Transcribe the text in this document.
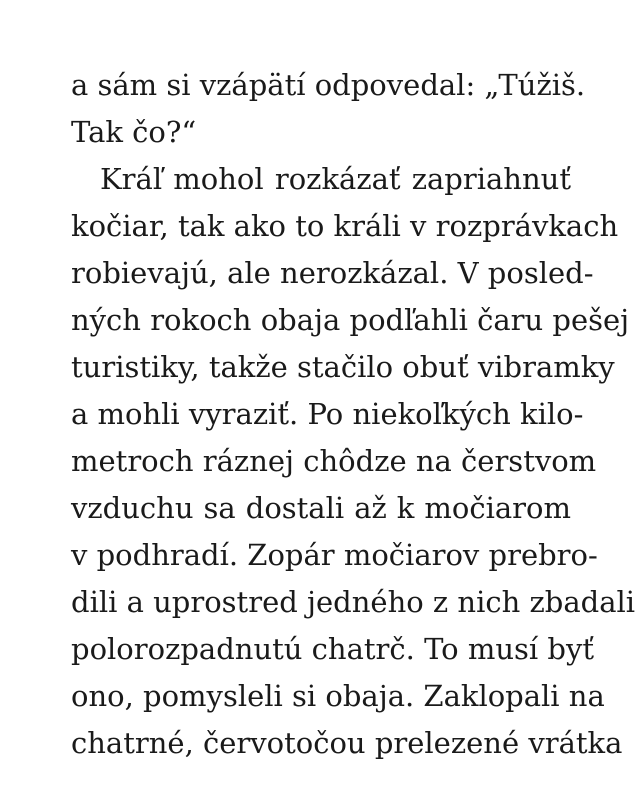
a sám si vzápätí odpovedal: „Túžiš.
Tak čo?“
Kráľ mohol rozkázať zapriahnuť
kočiar, tak ako to králi v rozprávkach
robievajú, ale nerozkázal. V posled-
ných rokoch obaja podľahli čaru pešej
turistiky, takže stačilo obuť vibramky
a mohli vyraziť. Po niekoľkých kilo-
metroch ráznej chôdze na čerstvom
vzduchu sa dostali až k močiarom
v podhradí. Zopár močiarov prebro-
dili a uprostred jedného z nich zbadali
polorozpadnutú chatrč. To musí byť
ono, pomysleli si obaja. Zaklopali na
chatrné, červotočou prelezené vrátka
